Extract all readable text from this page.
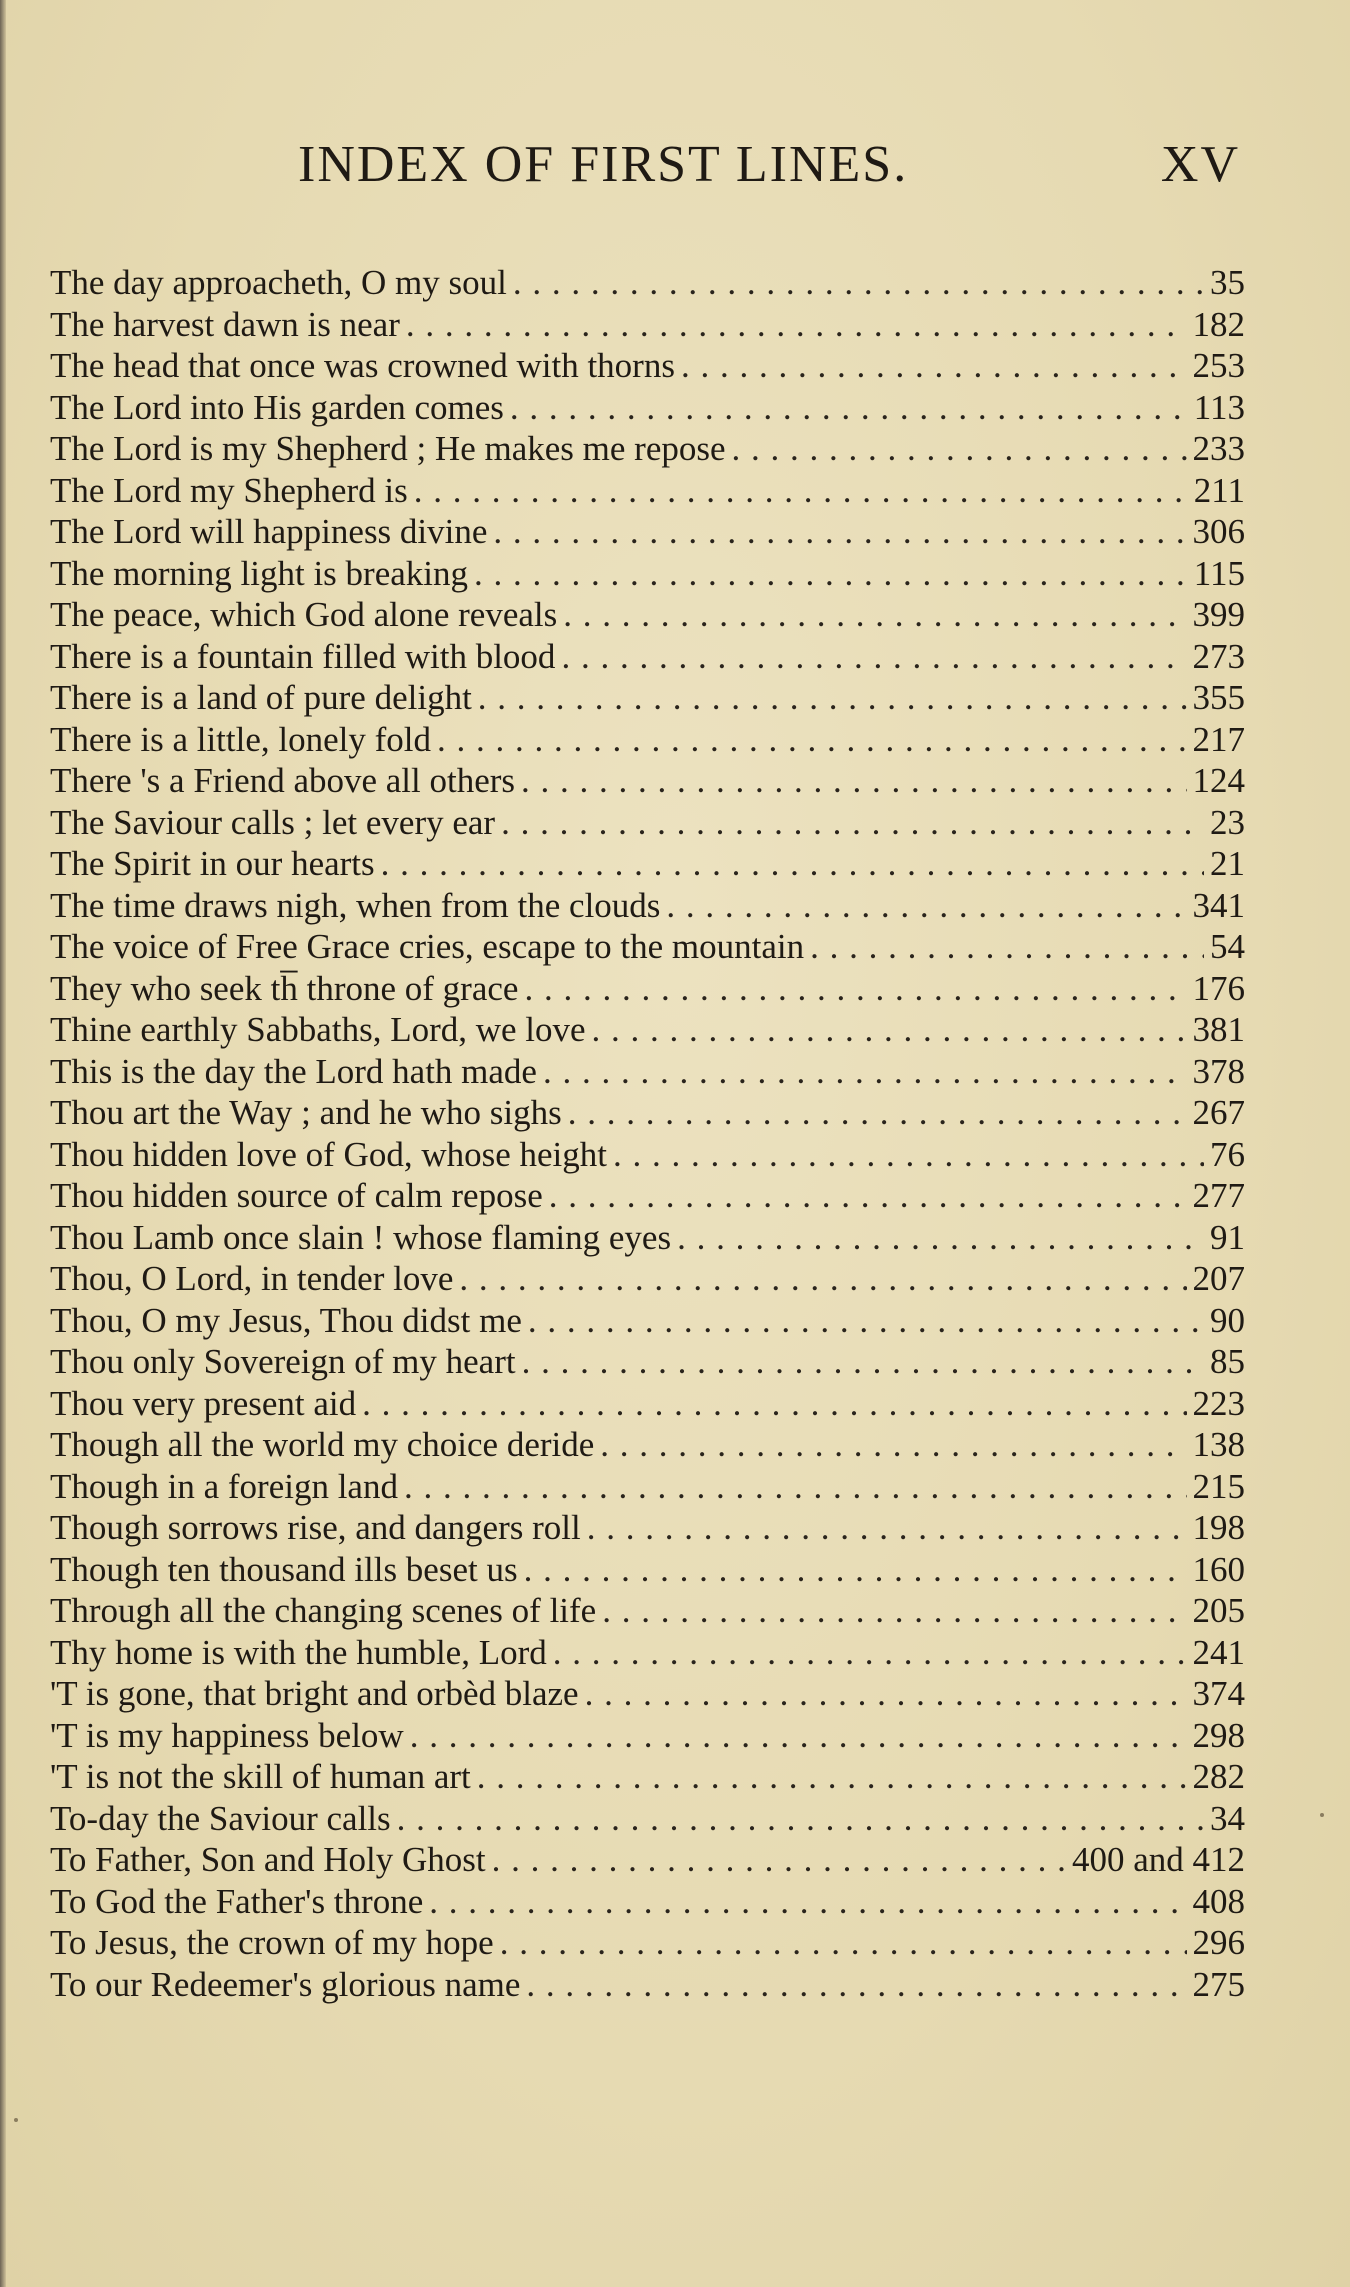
INDEX OF FIRST LINES.	XV
The day approacheth, O my soul . . .	35
The harvest dawn is near . . .	182
The head that once was crowned with thorns . . .	253
The Lord into His garden comes . . .	113
The Lord is my Shepherd ; He makes me repose . . .	233
The Lord my Shepherd is . . .	211
The Lord will happiness divine . . .	306
The morning light is breaking . . .	115
The peace, which God alone reveals . . .	399
There is a fountain filled with blood . . .	273
There is a land of pure delight . . .	355
There is a little, lonely fold . . .	217
There 's a Friend above all others . . .	124
The Saviour calls ; let every ear . . .	23
The Spirit in our hearts . . .	21
The time draws nigh, when from the clouds . . .	341
The voice of Free Grace cries, escape to the mountain . . .	54
They who seek th̅ throne of grace . . .	176
Thine earthly Sabbaths, Lord, we love . . .	381
This is the day the Lord hath made . . .	378
Thou art the Way ; and he who sighs . . .	267
Thou hidden love of God, whose height . . .	76
Thou hidden source of calm repose . . .	277
Thou Lamb once slain ! whose flaming eyes . . .	91
Thou, O Lord, in tender love . . .	207
Thou, O my Jesus, Thou didst me . . .	90
Thou only Sovereign of my heart . . .	85
Thou very present aid . . .	223
Though all the world my choice deride . . .	138
Though in a foreign land . . .	215
Though sorrows rise, and dangers roll . . .	198
Though ten thousand ills beset us . . .	160
Through all the changing scenes of life . . .	205
Thy home is with the humble, Lord . . .	241
'T is gone, that bright and orbèd blaze . . .	374
'T is my happiness below . . .	298
'T is not the skill of human art . . .	282
To-day the Saviour calls . . .	34
To Father, Son and Holy Ghost . . .	400 and 412
To God the Father's throne . . .	408
To Jesus, the crown of my hope . . .	296
To our Redeemer's glorious name . . .	275
